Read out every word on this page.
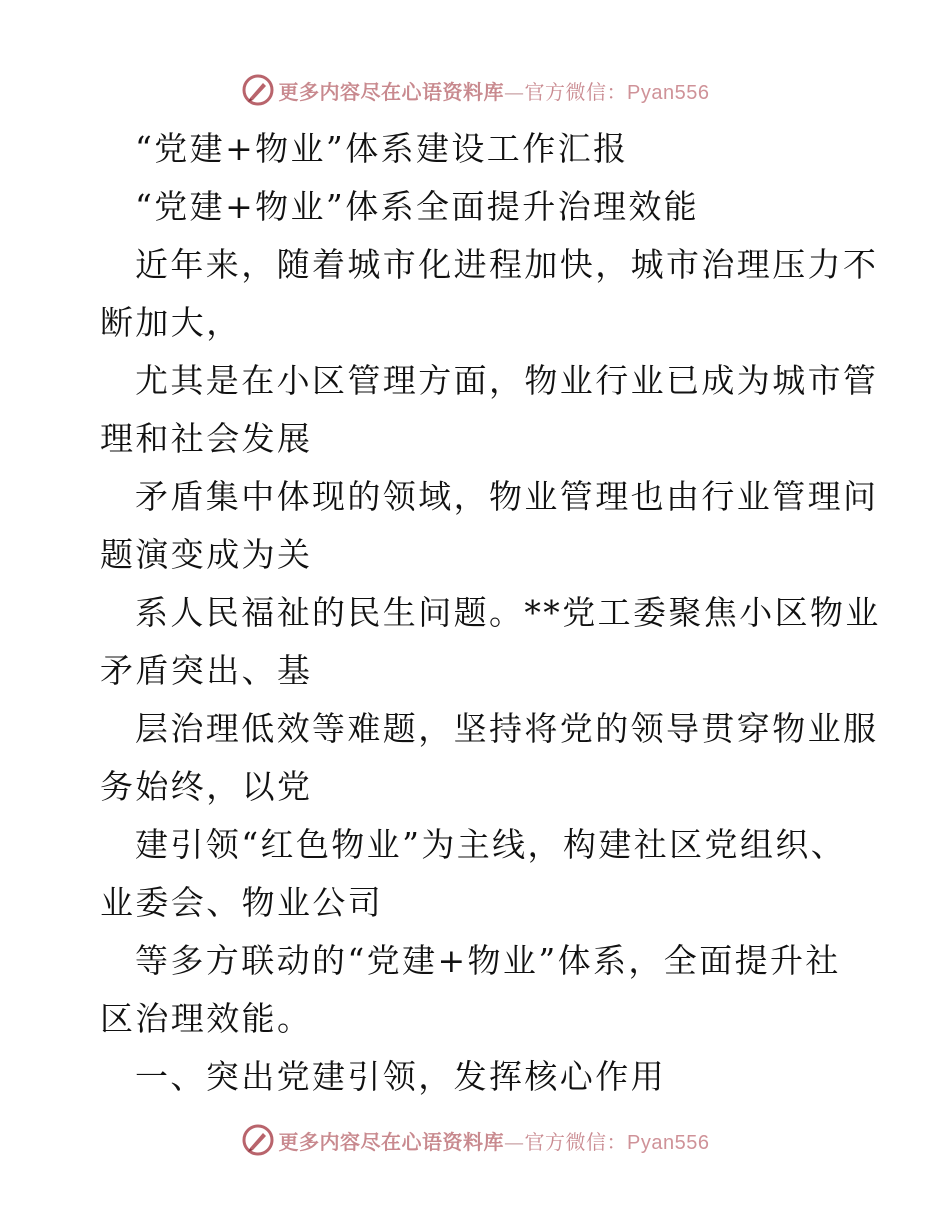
更多内容尽在心语资料库—官方微信：Pyan556
“党建+物业”体系建设工作汇报
“党建+物业”体系全面提升治理效能
近年来，随着城市化进程加快，城市治理压力不
断加大，
尤其是在小区管理方面，物业行业已成为城市管
理和社会发展
矛盾集中体现的领域，物业管理也由行业管理问
题演变成为关
系人民福祉的民生问题。**党工委聚焦小区物业
矛盾突出、基
层治理低效等难题，坚持将党的领导贯穿物业服
务始终，以党
建引领“红色物业”为主线，构建社区党组织、
业委会、物业公司
等多方联动的“党建+物业”体系，全面提升社
区治理效能。
一、突出党建引领，发挥核心作用
更多内容尽在心语资料库—官方微信：Pyan556
